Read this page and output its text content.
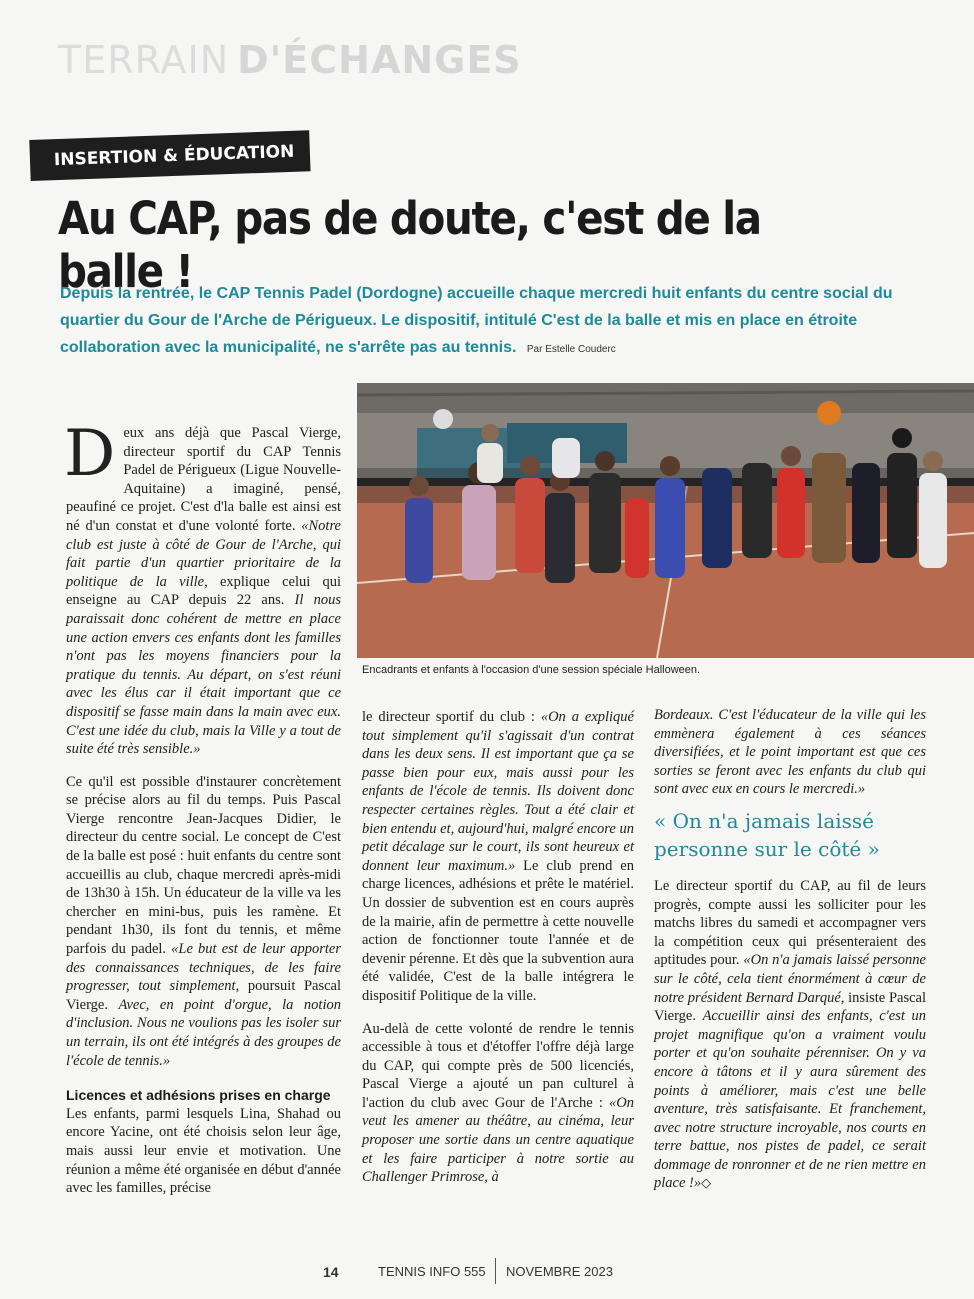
TERRAIN D'ÉCHANGES
INSERTION & ÉDUCATION
Au CAP, pas de doute, c'est de la balle !
Depuis la rentrée, le CAP Tennis Padel (Dordogne) accueille chaque mercredi huit enfants du centre social du quartier du Gour de l'Arche de Périgueux. Le dispositif, intitulé C'est de la balle et mis en place en étroite collaboration avec la municipalité, ne s'arrête pas au tennis. Par Estelle Couderc
Encadrants et enfants à l'occasion d'une session spéciale Halloween.

Deux ans déjà que Pascal Vierge, directeur sportif du CAP Tennis Padel de Périgueux (Ligue Nouvelle-Aquitaine) a imaginé, pensé, peaufiné ce projet. C'est d'la balle est ainsi est né d'un constat et d'une volonté forte. «Notre club est juste à côté de Gour de l'Arche, qui fait partie d'un quartier prioritaire de la politique de la ville, explique celui qui enseigne au CAP depuis 22 ans. Il nous paraissait donc cohérent de mettre en place une action envers ces enfants dont les familles n'ont pas les moyens financiers pour la pratique du tennis. Au départ, on s'est réuni avec les élus car il était important que ce dispositif se fasse main dans la main avec eux. C'est une idée du club, mais la Ville y a tout de suite été très sensible.»

Ce qu'il est possible d'instaurer concrètement se précise alors au fil du temps. Puis Pascal Vierge rencontre Jean-Jacques Didier, le directeur du centre social. Le concept de C'est de la balle est posé : huit enfants du centre sont accueillis au club, chaque mercredi après-midi de 13h30 à 15h. Un éducateur de la ville va les chercher en mini-bus, puis les ramène. Et pendant 1h30, ils font du tennis, et même parfois du padel. «Le but est de leur apporter des connaissances techniques, de les faire progresser, tout simplement, poursuit Pascal Vierge. Avec, en point d'orgue, la notion d'inclusion. Nous ne voulions pas les isoler sur un terrain, ils ont été intégrés à des groupes de l'école de tennis.»

Licences et adhésions prises en charge

Les enfants, parmi lesquels Lina, Shahad ou encore Yacine, ont été choisis selon leur âge, mais aussi leur envie et motivation. Une réunion a même été organisée en début d'année avec les familles, précise

le directeur sportif du club : «On a expliqué tout simplement qu'il s'agissait d'un contrat dans les deux sens. Il est important que ça se passe bien pour eux, mais aussi pour les enfants de l'école de tennis. Ils doivent donc respecter certaines règles. Tout a été clair et bien entendu et, aujourd'hui, malgré encore un petit décalage sur le court, ils sont heureux et donnent leur maximum.» Le club prend en charge licences, adhésions et prête le matériel. Un dossier de subvention est en cours auprès de la mairie, afin de permettre à cette nouvelle action de fonctionner toute l'année et de devenir pérenne. Et dès que la subvention aura été validée, C'est de la balle intégrera le dispositif Politique de la ville.

Au-delà de cette volonté de rendre le tennis accessible à tous et d'étoffer l'offre déjà large du CAP, qui compte près de 500 licenciés, Pascal Vierge a ajouté un pan culturel à l'action du club avec Gour de l'Arche : «On veut les amener au théâtre, au cinéma, leur proposer une sortie dans un centre aquatique et les faire participer à notre sortie au Challenger Primrose, à

Bordeaux. C'est l'éducateur de la ville qui les emmènera également à ces séances diversifiées, et le point important est que ces sorties se feront avec les enfants du club qui sont avec eux en cours le mercredi.»

« On n'a jamais laissé personne sur le côté »

Le directeur sportif du CAP, au fil de leurs progrès, compte aussi les solliciter pour les matchs libres du samedi et accompagner vers la compétition ceux qui présenteraient des aptitudes pour. «On n'a jamais laissé personne sur le côté, cela tient énormément à cœur de notre président Bernard Darqué, insiste Pascal Vierge. Accueillir ainsi des enfants, c'est un projet magnifique qu'on a vraiment voulu porter et qu'on souhaite pérenniser. On y va encore à tâtons et il y aura sûrement des points à améliorer, mais c'est une belle aventure, très satisfaisante. Et franchement, avec notre structure incroyable, nos courts en terre battue, nos pistes de padel, ce serait dommage de ronronner et de ne rien mettre en place !»◇

14	TENNIS INFO 555 NOVEMBRE 2023
